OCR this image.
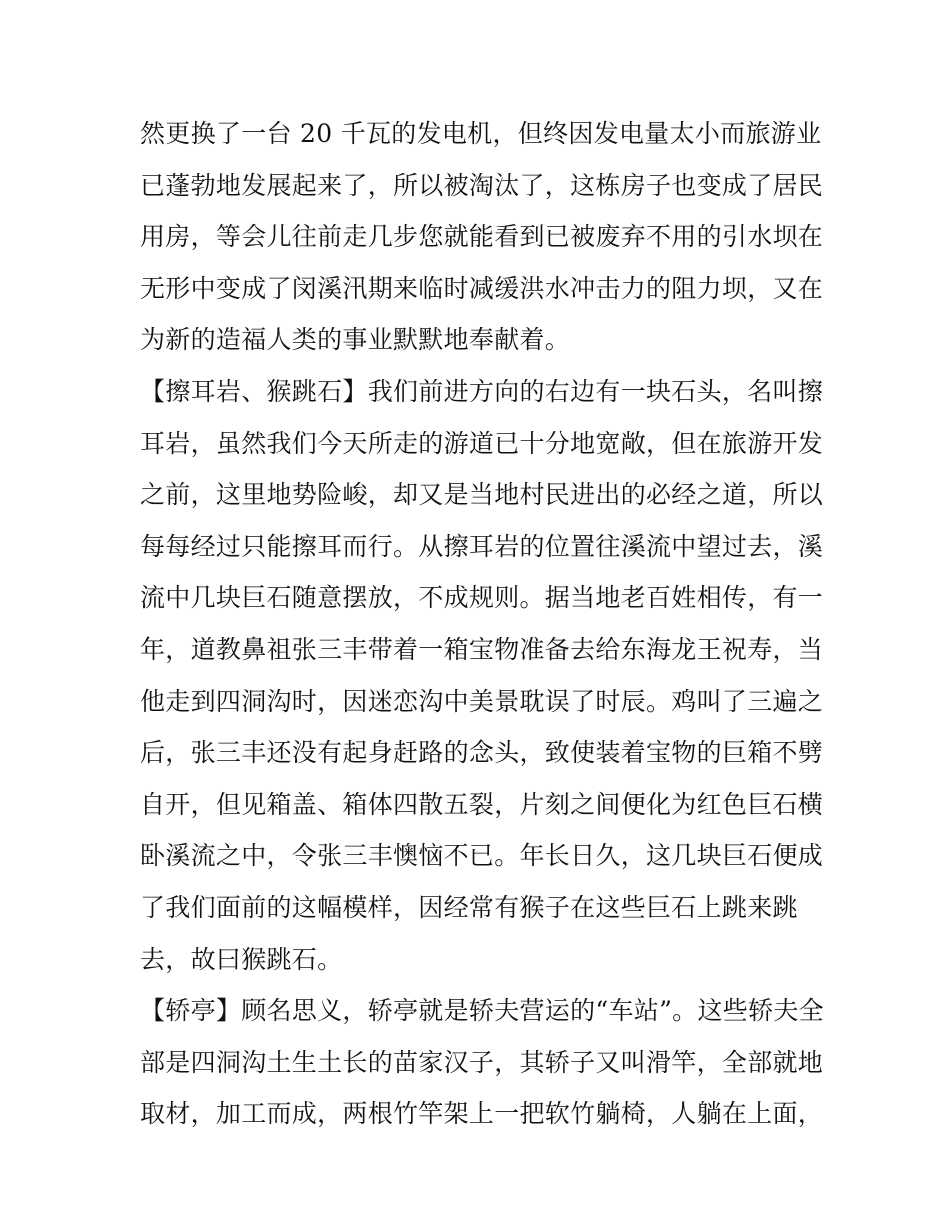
然更换了一台 20 千瓦的发电机，但终因发电量太小而旅游业
已蓬勃地发展起来了，所以被淘汰了，这栋房子也变成了居民
用房，等会儿往前走几步您就能看到已被废弃不用的引水坝在
无形中变成了闵溪汛期来临时减缓洪水冲击力的阻力坝，又在
为新的造福人类的事业默默地奉献着。
【擦耳岩、猴跳石】我们前进方向的右边有一块石头，名叫擦
耳岩，虽然我们今天所走的游道已十分地宽敞，但在旅游开发
之前，这里地势险峻，却又是当地村民进出的必经之道，所以
每每经过只能擦耳而行。从擦耳岩的位置往溪流中望过去，溪
流中几块巨石随意摆放，不成规则。据当地老百姓相传，有一
年，道教鼻祖张三丰带着一箱宝物准备去给东海龙王祝寿，当
他走到四洞沟时，因迷恋沟中美景耽误了时辰。鸡叫了三遍之
后，张三丰还没有起身赶路的念头，致使装着宝物的巨箱不劈
自开，但见箱盖、箱体四散五裂，片刻之间便化为红色巨石横
卧溪流之中，令张三丰懊恼不已。年长日久，这几块巨石便成
了我们面前的这幅模样，因经常有猴子在这些巨石上跳来跳
去，故曰猴跳石。
【轿亭】顾名思义，轿亭就是轿夫营运的“车站”。这些轿夫全
部是四洞沟土生土长的苗家汉子，其轿子又叫滑竿，全部就地
取材，加工而成，两根竹竿架上一把软竹躺椅，人躺在上面，
